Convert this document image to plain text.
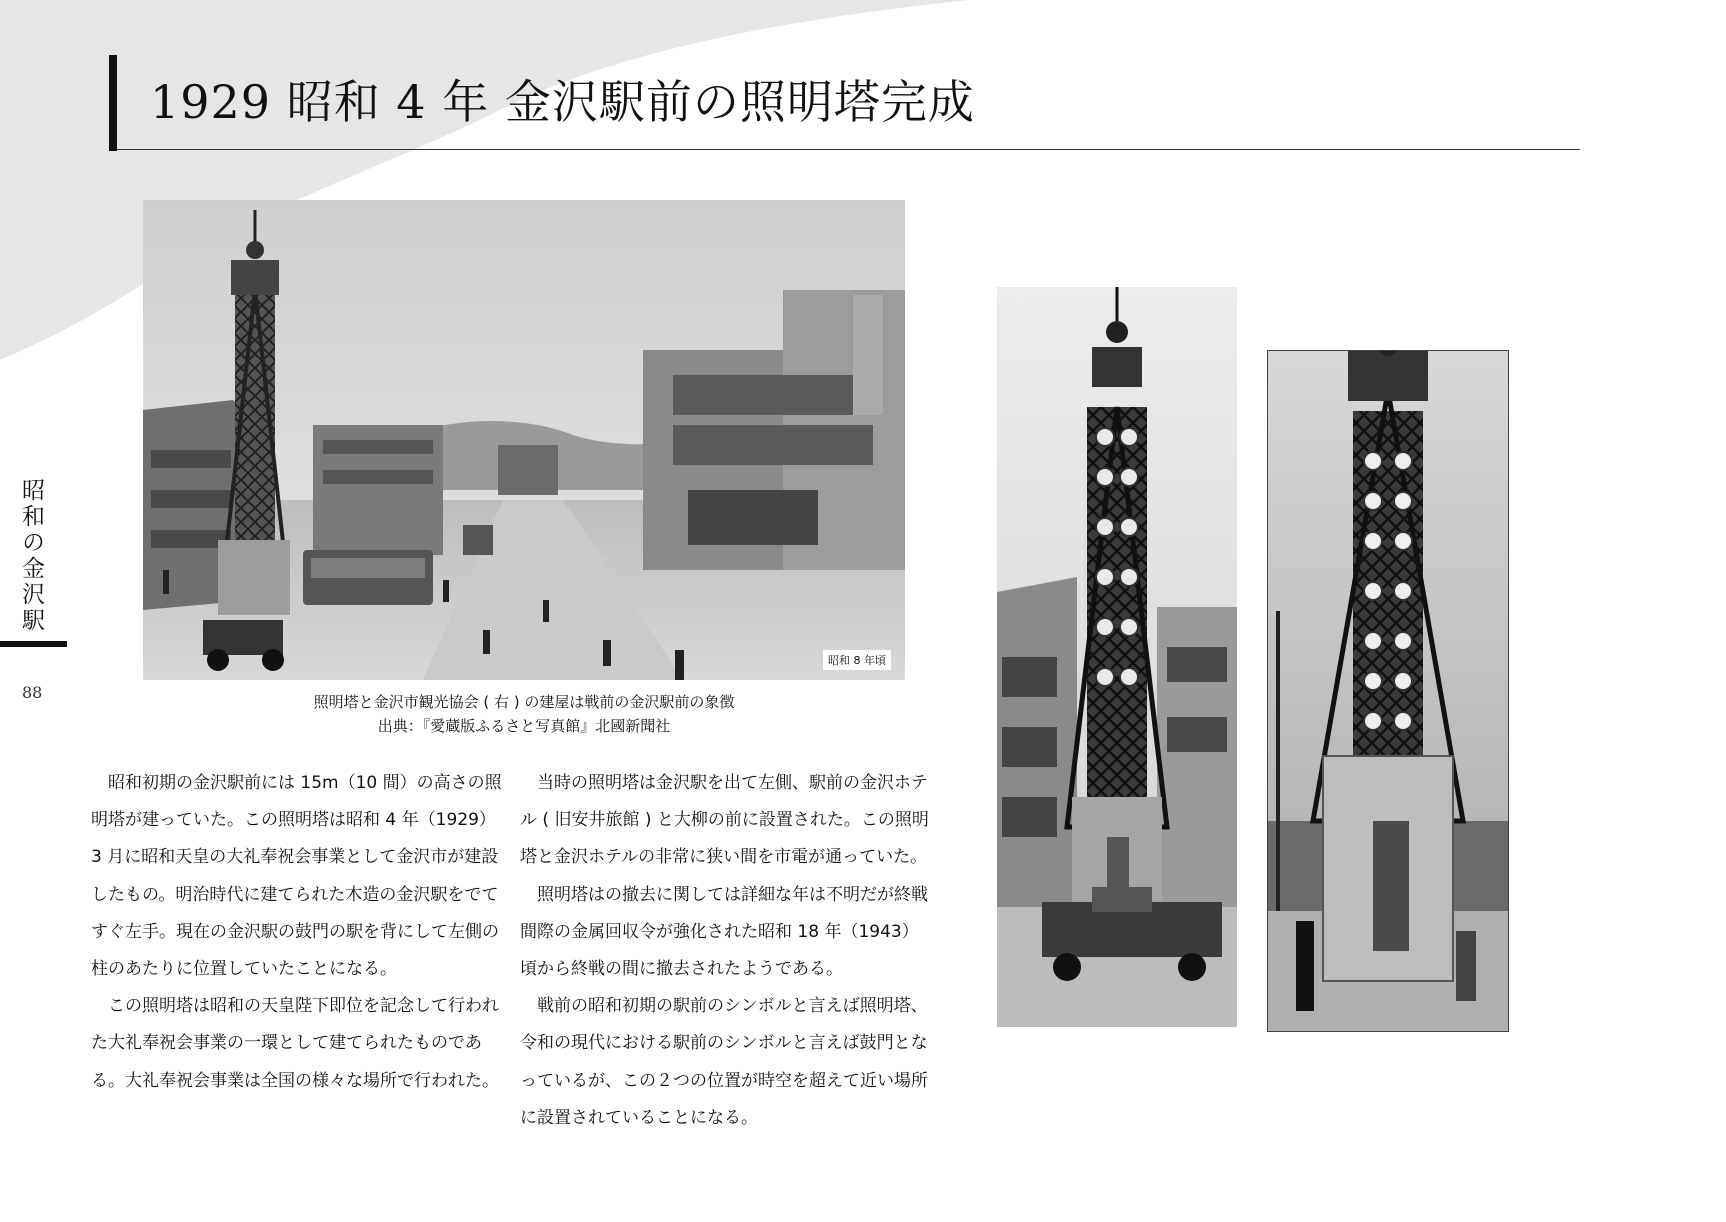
1929 昭和 4 年 金沢駅前の照明塔完成
昭和の金沢駅
88
昭和 8 年頃
照明塔と金沢市観光協会 ( 右 ) の建屋は戦前の金沢駅前の象徴
出典：『愛蔵版ふるさと写真館』北國新聞社

昭和初期の金沢駅前には 15m（10 間）の高さの照明塔が建っていた。この照明塔は昭和 4 年（1929）3 月に昭和天皇の大礼奉祝会事業として金沢市が建設したもの。明治時代に建てられた木造の金沢駅をでてすぐ左手。現在の金沢駅の鼓門の駅を背にして左側の柱のあたりに位置していたことになる。

この照明塔は昭和の天皇陛下即位を記念して行われた大礼奉祝会事業の一環として建てられたものである。大礼奉祝会事業は全国の様々な場所で行われた。

当時の照明塔は金沢駅を出て左側、駅前の金沢ホテル ( 旧安井旅館 ) と大柳の前に設置された。この照明塔と金沢ホテルの非常に狭い間を市電が通っていた。

照明塔はの撤去に関しては詳細な年は不明だが終戦間際の金属回収令が強化された昭和 18 年（1943）頃から終戦の間に撤去されたようである。

戦前の昭和初期の駅前のシンボルと言えば照明塔、令和の現代における駅前のシンボルと言えば鼓門となっているが、この２つの位置が時空を超えて近い場所に設置されていることになる。
